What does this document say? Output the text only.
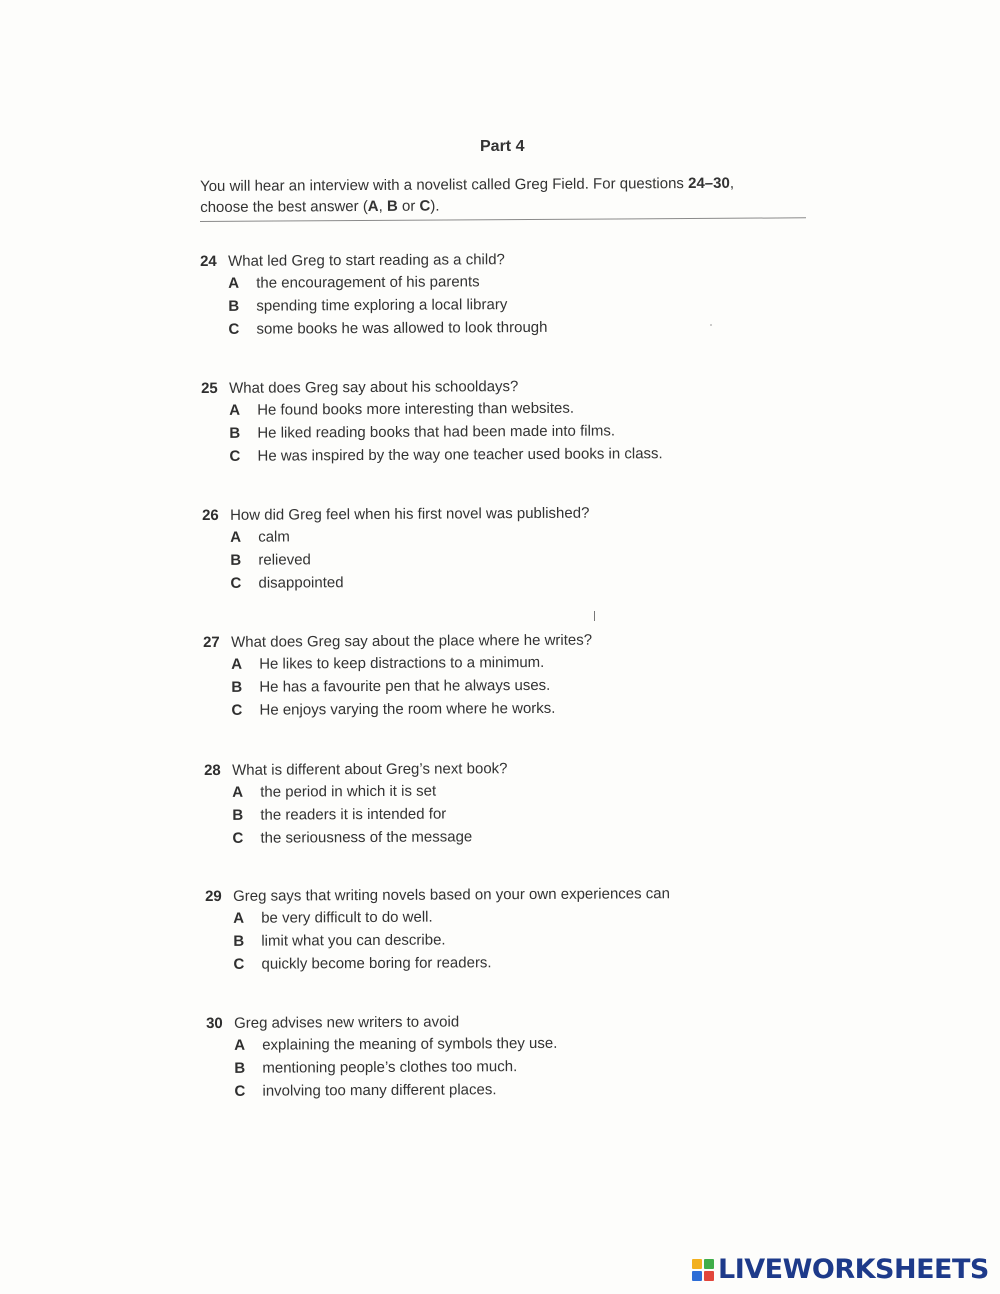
Part 4
You will hear an interview with a novelist called Greg Field. For questions 24–30,
choose the best answer (A, B or C).
24 What led Greg to start reading as a child?
A	the encouragement of his parents
B	spending time exploring a local library
C	some books he was allowed to look through
25 What does Greg say about his schooldays?
A	He found books more interesting than websites.
B	He liked reading books that had been made into films.
C	He was inspired by the way one teacher used books in class.
26 How did Greg feel when his first novel was published?
A	calm
B	relieved
C	disappointed
27 What does Greg say about the place where he writes?
A	He likes to keep distractions to a minimum.
B	He has a favourite pen that he always uses.
C	He enjoys varying the room where he works.
28 What is different about Greg’s next book?
A	the period in which it is set
B	the readers it is intended for
C	the seriousness of the message
29 Greg says that writing novels based on your own experiences can
A	be very difficult to do well.
B	limit what you can describe.
C	quickly become boring for readers.
30 Greg advises new writers to avoid
A	explaining the meaning of symbols they use.
B	mentioning people’s clothes too much.
C	involving too many different places.
LIVEWORKSHEETS
